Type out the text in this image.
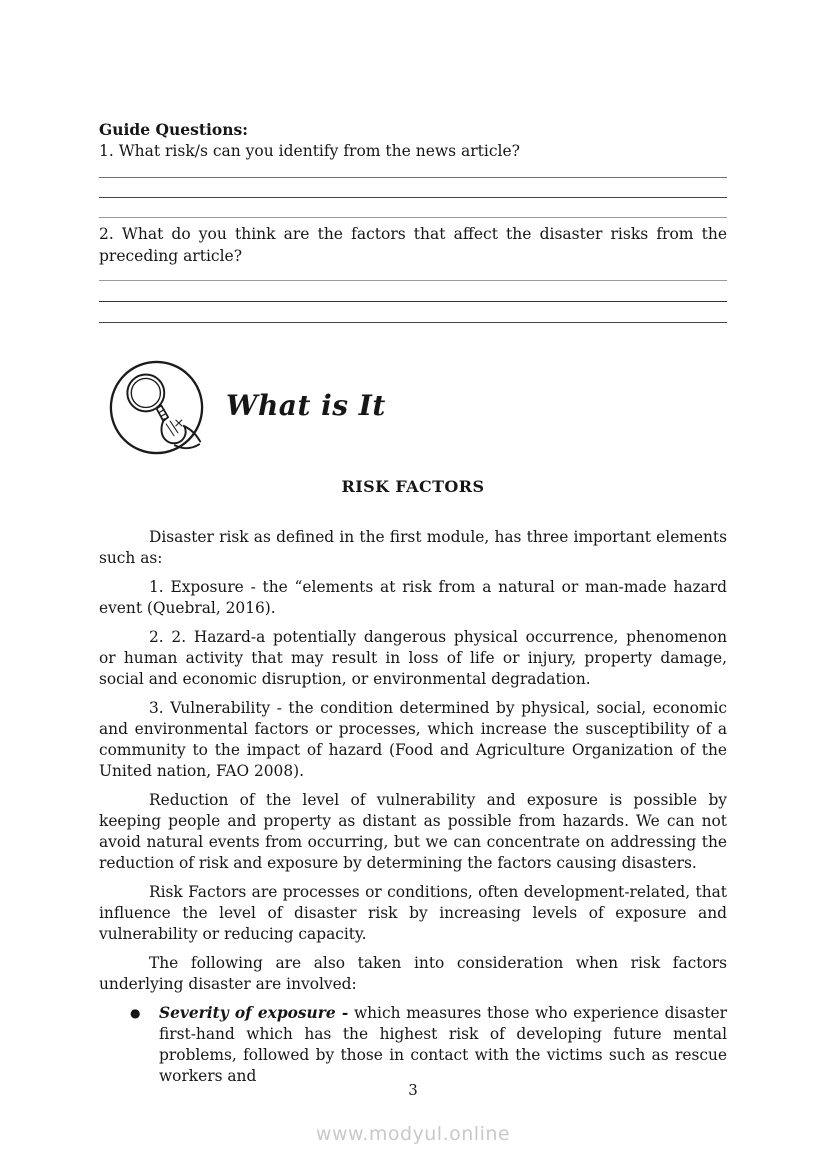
Guide Questions:
1. What risk/s can you identify from the news article?
2. What do you think are the factors that affect the disaster risks from the preceding article?
What is It
RISK FACTORS

Disaster risk as defined in the first module, has three important elements such as:

1. Exposure - the “elements at risk from a natural or man-made hazard event (Quebral, 2016).

2. 2. Hazard-a potentially dangerous physical occurrence, phenomenon or human activity that may result in loss of life or injury, property damage, social and economic disruption, or environmental degradation.

3. Vulnerability - the condition determined by physical, social, economic and environmental factors or processes, which increase the susceptibility of a community to the impact of hazard (Food and Agriculture Organization of the United nation, FAO 2008).

Reduction of the level of vulnerability and exposure is possible by keeping people and property as distant as possible from hazards. We can not avoid natural events from occurring, but we can concentrate on addressing the reduction of risk and exposure by determining the factors causing disasters.

Risk Factors are processes or conditions, often development-related, that influence the level of disaster risk by increasing levels of exposure and vulnerability or reducing capacity.

The following are also taken into consideration when risk factors underlying disaster are involved:

●	Severity of exposure - which measures those who experience disaster first-hand which has the highest risk of developing future mental problems, followed by those in contact with the victims such as rescue workers and
3
www.modyul.online
